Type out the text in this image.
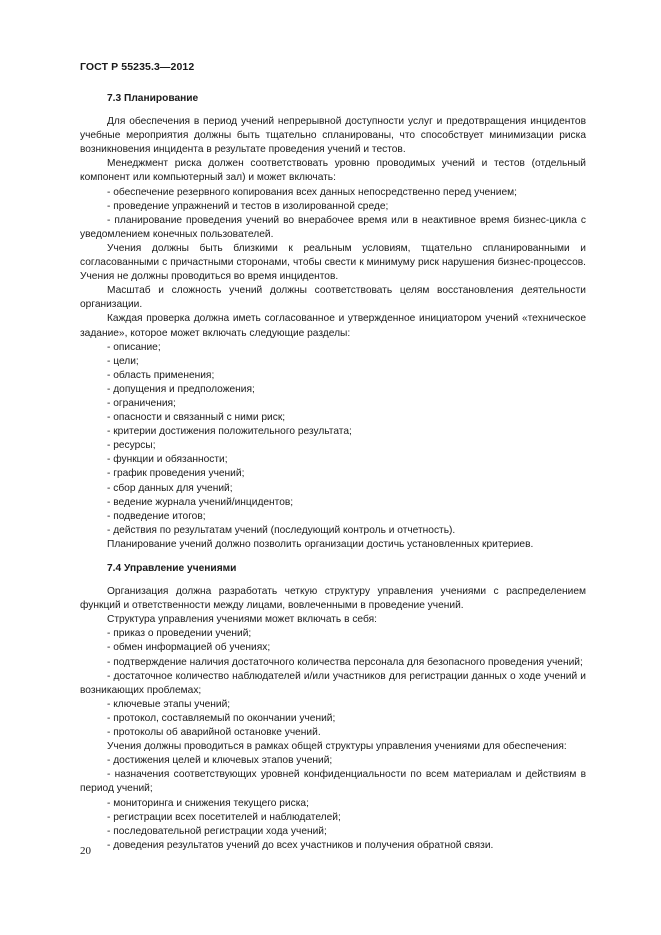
ГОСТ Р 55235.3—2012

7.3 Планирование

Для обеспечения в период учений непрерывной доступности услуг и предотвращения инцидентов учебные мероприятия должны быть тщательно спланированы, что способствует минимизации риска возникновения инцидента в результате проведения учений и тестов.

Менеджмент риска должен соответствовать уровню проводимых учений и тестов (отдельный компонент или компьютерный зал) и может включать:

- обеспечение резервного копирования всех данных непосредственно перед учением;

- проведение упражнений и тестов в изолированной среде;

- планирование проведения учений во внерабочее время или в неактивное время бизнес-цикла с уведомлением конечных пользователей.

Учения должны быть близкими к реальным условиям, тщательно спланированными и согласованными с причастными сторонами, чтобы свести к минимуму риск нарушения бизнес-процессов. Учения не должны проводиться во время инцидентов.

Масштаб и сложность учений должны соответствовать целям восстановления деятельности организации.

Каждая проверка должна иметь согласованное и утвержденное инициатором учений «техническое задание», которое может включать следующие разделы:

- описание;

- цели;

- область применения;

- допущения и предположения;

- ограничения;

- опасности и связанный с ними риск;

- критерии достижения положительного результата;

- ресурсы;

- функции и обязанности;

- график проведения учений;

- сбор данных для учений;

- ведение журнала учений/инцидентов;

- подведение итогов;

- действия по результатам учений (последующий контроль и отчетность).

Планирование учений должно позволить организации достичь установленных критериев.

7.4 Управление учениями

Организация должна разработать четкую структуру управления учениями с распределением функций и ответственности между лицами, вовлеченными в проведение учений.

Структура управления учениями может включать в себя:

- приказ о проведении учений;

- обмен информацией об учениях;

- подтверждение наличия достаточного количества персонала для безопасного проведения учений;

- достаточное количество наблюдателей и/или участников для регистрации данных о ходе учений и возникающих проблемах;

- ключевые этапы учений;

- протокол, составляемый по окончании учений;

- протоколы об аварийной остановке учений.

Учения должны проводиться в рамках общей структуры управления учениями для обеспечения:

- достижения целей и ключевых этапов учений;

- назначения соответствующих уровней конфиденциальности по всем материалам и действиям в период учений;

- мониторинга и снижения текущего риска;

- регистрации всех посетителей и наблюдателей;

- последовательной регистрации хода учений;

- доведения результатов учений до всех участников и получения обратной связи.

20
